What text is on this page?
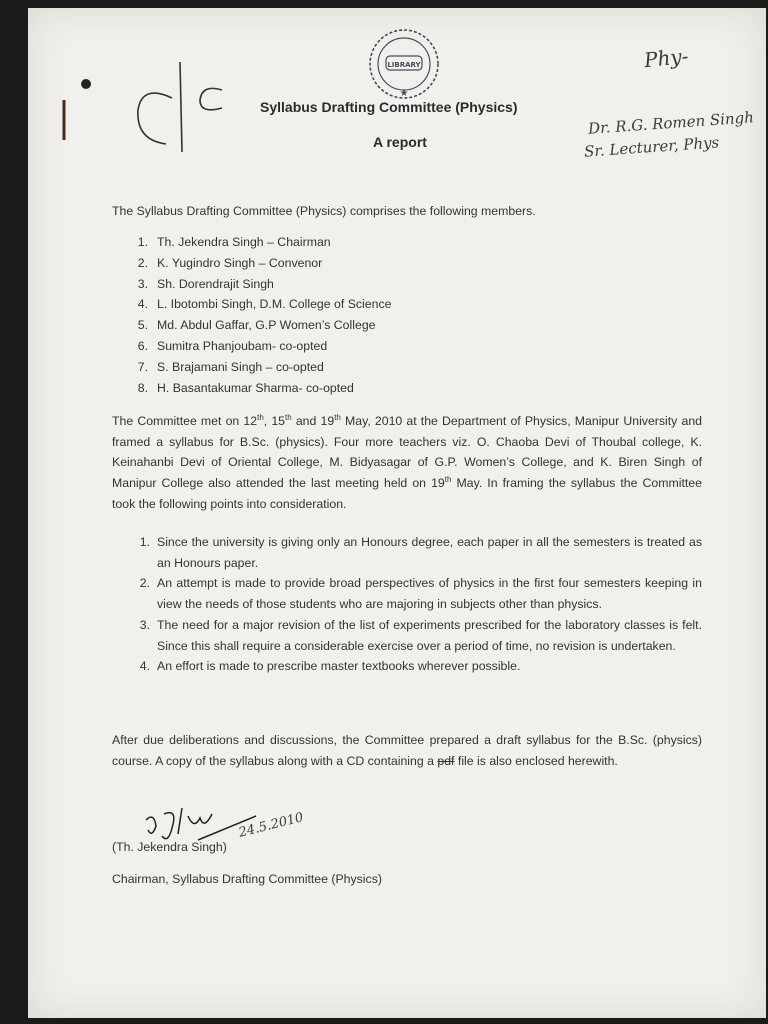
LIBRARY
★
Phy-
Dr. R.G. Romen Singh
Sr. Lecturer, Phys
Syllabus Drafting Committee (Physics)
A report
The Syllabus Drafting Committee (Physics) comprises the following members.
1. Th. Jekendra Singh – Chairman
2. K. Yugindro Singh – Convenor
3. Sh. Dorendrajit Singh
4. L. Ibotombi Singh, D.M. College of Science
5. Md. Abdul Gaffar, G.P Women’s College
6. Sumitra Phanjoubam- co-opted
7. S. Brajamani Singh – co-opted
8. H. Basantakumar Sharma- co-opted
The Committee met on 12th, 15th and 19th May, 2010 at the Department of Physics, Manipur University and framed a syllabus for B.Sc. (physics). Four more teachers viz. O. Chaoba Devi of Thoubal college, K. Keinahanbi Devi of Oriental College, M. Bidyasagar of G.P. Women’s College, and K. Biren Singh of Manipur College also attended the last meeting held on 19th May. In framing the syllabus the Committee took the following points into consideration.
1. Since the university is giving only an Honours degree, each paper in all the semesters is treated as an Honours paper.
2. An attempt is made to provide broad perspectives of physics in the first four semesters keeping in view the needs of those students who are majoring in subjects other than physics.
3. The need for a major revision of the list of experiments prescribed for the laboratory classes is felt. Since this shall require a considerable exercise over a period of time, no revision is undertaken.
4. An effort is made to prescribe master textbooks wherever possible.
After due deliberations and discussions, the Committee prepared a draft syllabus for the B.Sc. (physics) course. A copy of the syllabus along with a CD containing a pdf file is also enclosed herewith.
24.5.2010
(Th. Jekendra Singh)
Chairman, Syllabus Drafting Committee (Physics)
